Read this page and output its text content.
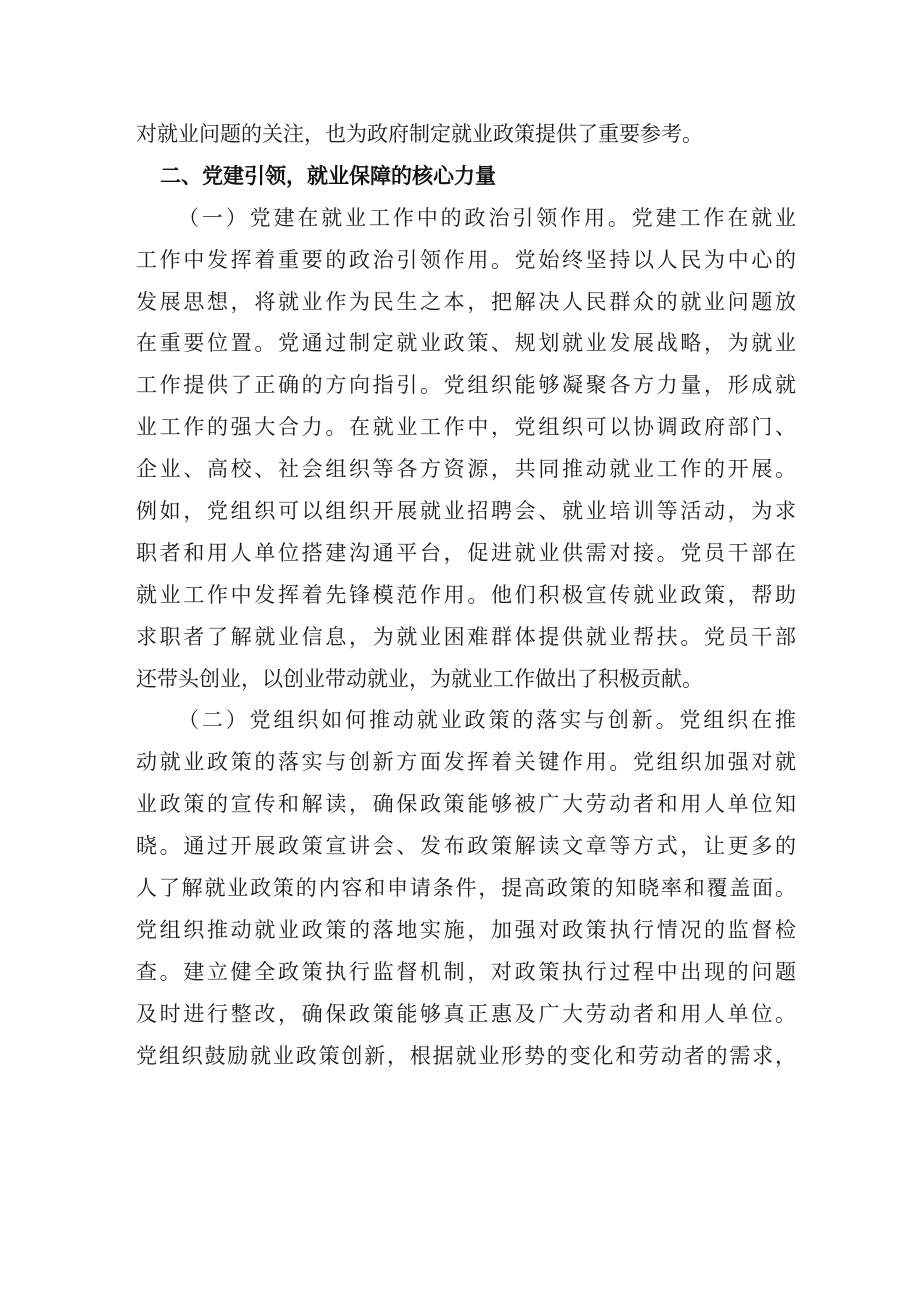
对就业问题的关注，也为政府制定就业政策提供了重要参考。
二、党建引领，就业保障的核心力量
（一）党建在就业工作中的政治引领作用。党建工作在就业
工作中发挥着重要的政治引领作用。党始终坚持以人民为中心的
发展思想，将就业作为民生之本，把解决人民群众的就业问题放
在重要位置。党通过制定就业政策、规划就业发展战略，为就业
工作提供了正确的方向指引。党组织能够凝聚各方力量，形成就
业工作的强大合力。在就业工作中，党组织可以协调政府部门、
企业、高校、社会组织等各方资源，共同推动就业工作的开展。
例如，党组织可以组织开展就业招聘会、就业培训等活动，为求
职者和用人单位搭建沟通平台，促进就业供需对接。党员干部在
就业工作中发挥着先锋模范作用。他们积极宣传就业政策，帮助
求职者了解就业信息，为就业困难群体提供就业帮扶。党员干部
还带头创业，以创业带动就业，为就业工作做出了积极贡献。
（二）党组织如何推动就业政策的落实与创新。党组织在推
动就业政策的落实与创新方面发挥着关键作用。党组织加强对就
业政策的宣传和解读，确保政策能够被广大劳动者和用人单位知
晓。通过开展政策宣讲会、发布政策解读文章等方式，让更多的
人了解就业政策的内容和申请条件，提高政策的知晓率和覆盖面。
党组织推动就业政策的落地实施，加强对政策执行情况的监督检
查。建立健全政策执行监督机制，对政策执行过程中出现的问题
及时进行整改，确保政策能够真正惠及广大劳动者和用人单位。
党组织鼓励就业政策创新，根据就业形势的变化和劳动者的需求，
